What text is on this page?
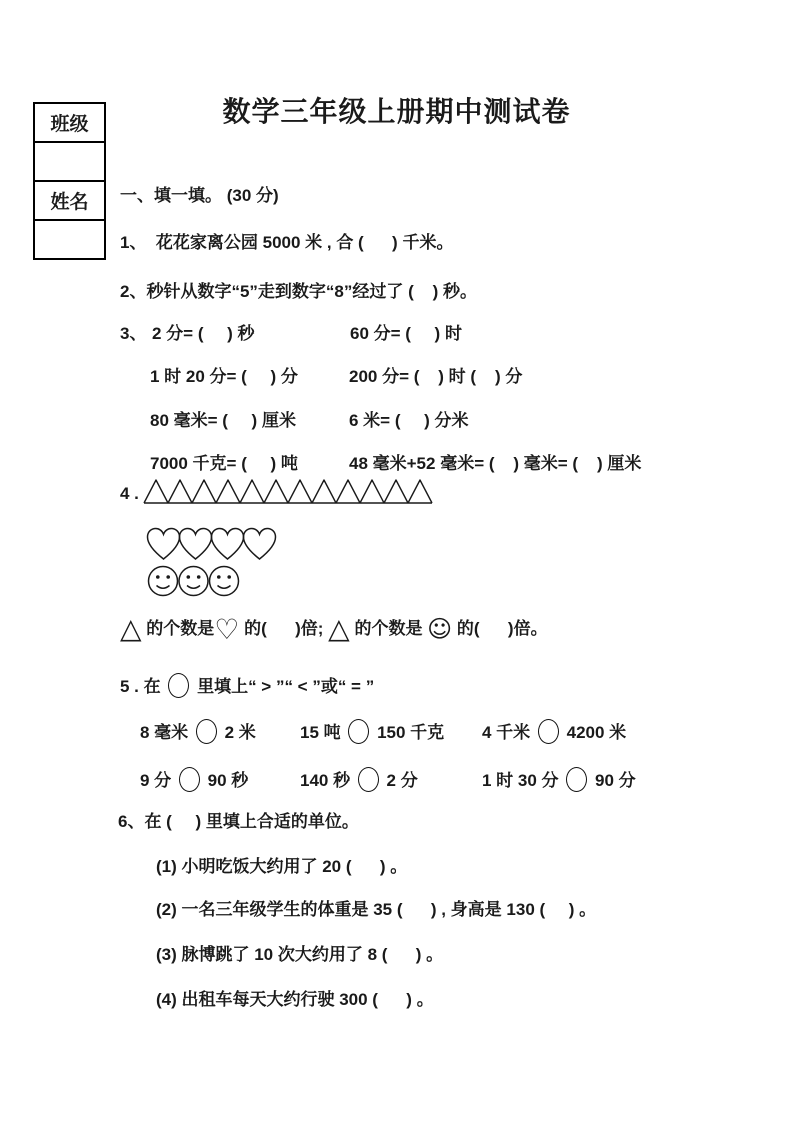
数学三年级上册期中测试卷
班级
姓名	一、填一填。 (30 分)
1、  花花家离公园 5000 米 , 合 (      ) 千米。
2、秒针从数字“5”走到数字“8”经过了 (    ) 秒。
3、 2 分= (     ) 秒	60 分= (     ) 时
1 时 20 分= (     ) 分	200 分= (    ) 时 (    ) 分
80 毫米= (     ) 厘米	6 米= (     ) 分米
7000 千克= (     ) 吨	48 毫米+52 毫米= (    ) 毫米= (    ) 厘米
4 .
△ 的个数是♡ 的(      )倍; △ 的个数是 ☺ 的(      )倍。
5 . 在  里填上“ > ”“ < ”或“ = ”
8 毫米  2 米	15 吨  150 千克	4 千米  4200 米
9 分  90 秒	140 秒  2 分	1 时 30 分  90 分
6、在 (     ) 里填上合适的单位。
(1) 小明吃饭大约用了 20 (      ) 。
(2) 一名三年级学生的体重是 35 (      ) , 身高是 130 (     ) 。
(3) 脉博跳了 10 次大约用了 8 (      ) 。
(4) 出租车每天大约行驶 300 (      ) 。
